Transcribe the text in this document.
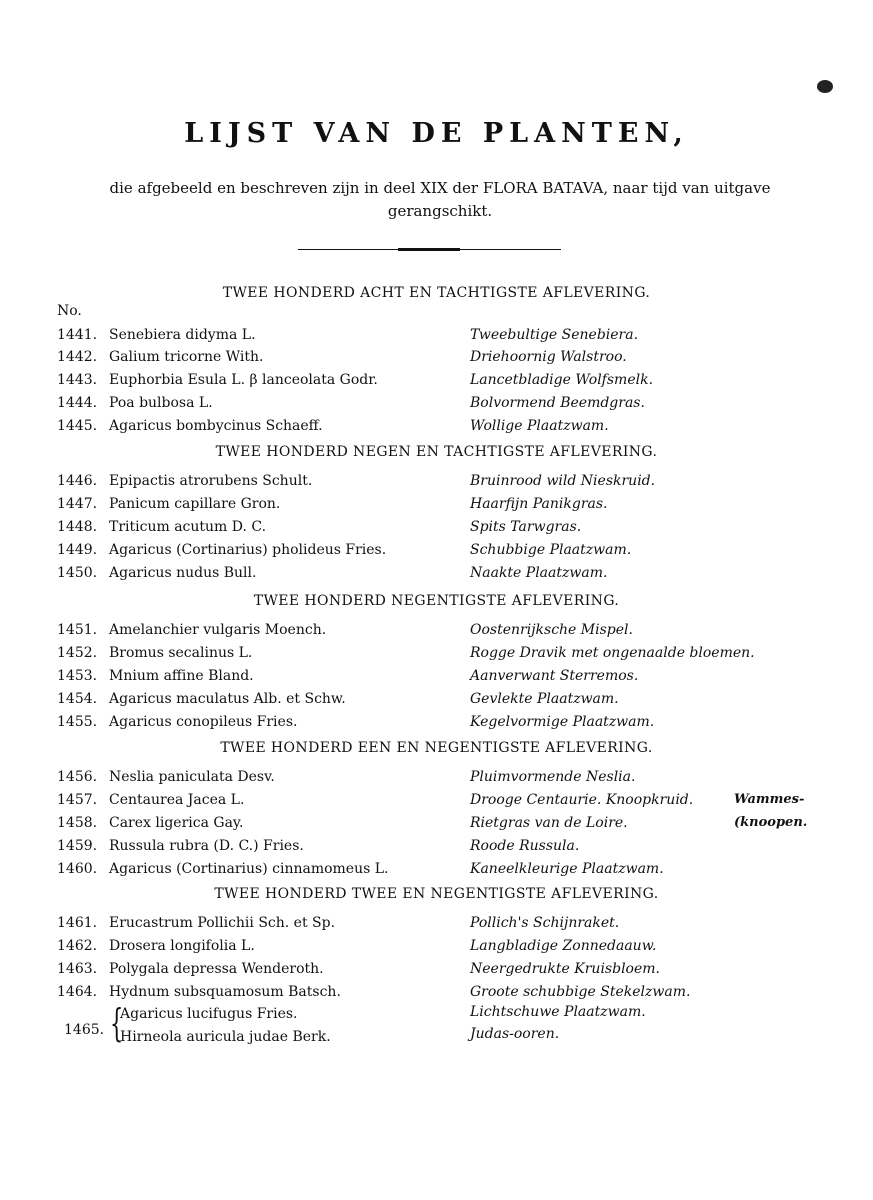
LIJST VAN DE PLANTEN,
die afgebeeld en beschreven zijn in deel XIX der FLORA BATAVA, naar tijd van uitgave gerangschikt.
No.
TWEE HONDERD ACHT EN TACHTIGSTE AFLEVERING.
1441. Senebiera didyma L.	Tweebultige Senebiera.
1442. Galium tricorne With.	Driehoornig Walstroo.
1443. Euphorbia Esula L. β lanceolata Godr.	Lancetbladige Wolfsmelk.
1444. Poa bulbosa L.	Bolvormend Beemdgras.
1445. Agaricus bombycinus Schaeff.	Wollige Plaatzwam.
TWEE HONDERD NEGEN EN TACHTIGSTE AFLEVERING.
1446. Epipactis atrorubens Schult.	Bruinrood wild Nieskruid.
1447. Panicum capillare Gron.	Haarfijn Panikgras.
1448. Triticum acutum D. C.	Spits Tarwgras.
1449. Agaricus (Cortinarius) pholideus Fries.	Schubbige Plaatzwam.
1450. Agaricus nudus Bull.	Naakte Plaatzwam.
TWEE HONDERD NEGENTIGSTE AFLEVERING.
1451. Amelanchier vulgaris Moench.	Oostenrijksche Mispel.
1452. Bromus secalinus L.	Rogge Dravik met ongenaalde bloemen.
1453. Mnium affine Bland.	Aanverwant Sterremos.
1454. Agaricus maculatus Alb. et Schw.	Gevlekte Plaatzwam.
1455. Agaricus conopileus Fries.	Kegelvormige Plaatzwam.
TWEE HONDERD EEN EN NEGENTIGSTE AFLEVERING.
1456. Neslia paniculata Desv.	Pluimvormende Neslia.
1457. Centaurea Jacea L.	Drooge Centaurie. Knoopkruid.	Wammes-
1458. Carex ligerica Gay.	Rietgras van de Loire.	(knoopen.
1459. Russula rubra (D. C.) Fries.	Roode Russula.
1460. Agaricus (Cortinarius) cinnamomeus L.	Kaneelkleurige Plaatzwam.
TWEE HONDERD TWEE EN NEGENTIGSTE AFLEVERING.
1461. Erucastrum Pollichii Sch. et Sp.	Pollich's Schijnraket.
1462. Drosera longifolia L.	Langbladige Zonnedaauw.
1463. Polygala depressa Wenderoth.	Neergedrukte Kruisbloem.
1464. Hydnum subsquamosum Batsch.	Groote schubbige Stekelzwam.
1465. {
Agaricus lucifugus Fries.	Lichtschuwe Plaatzwam.
Hirneola auricula judae Berk.	Judas-ooren.
